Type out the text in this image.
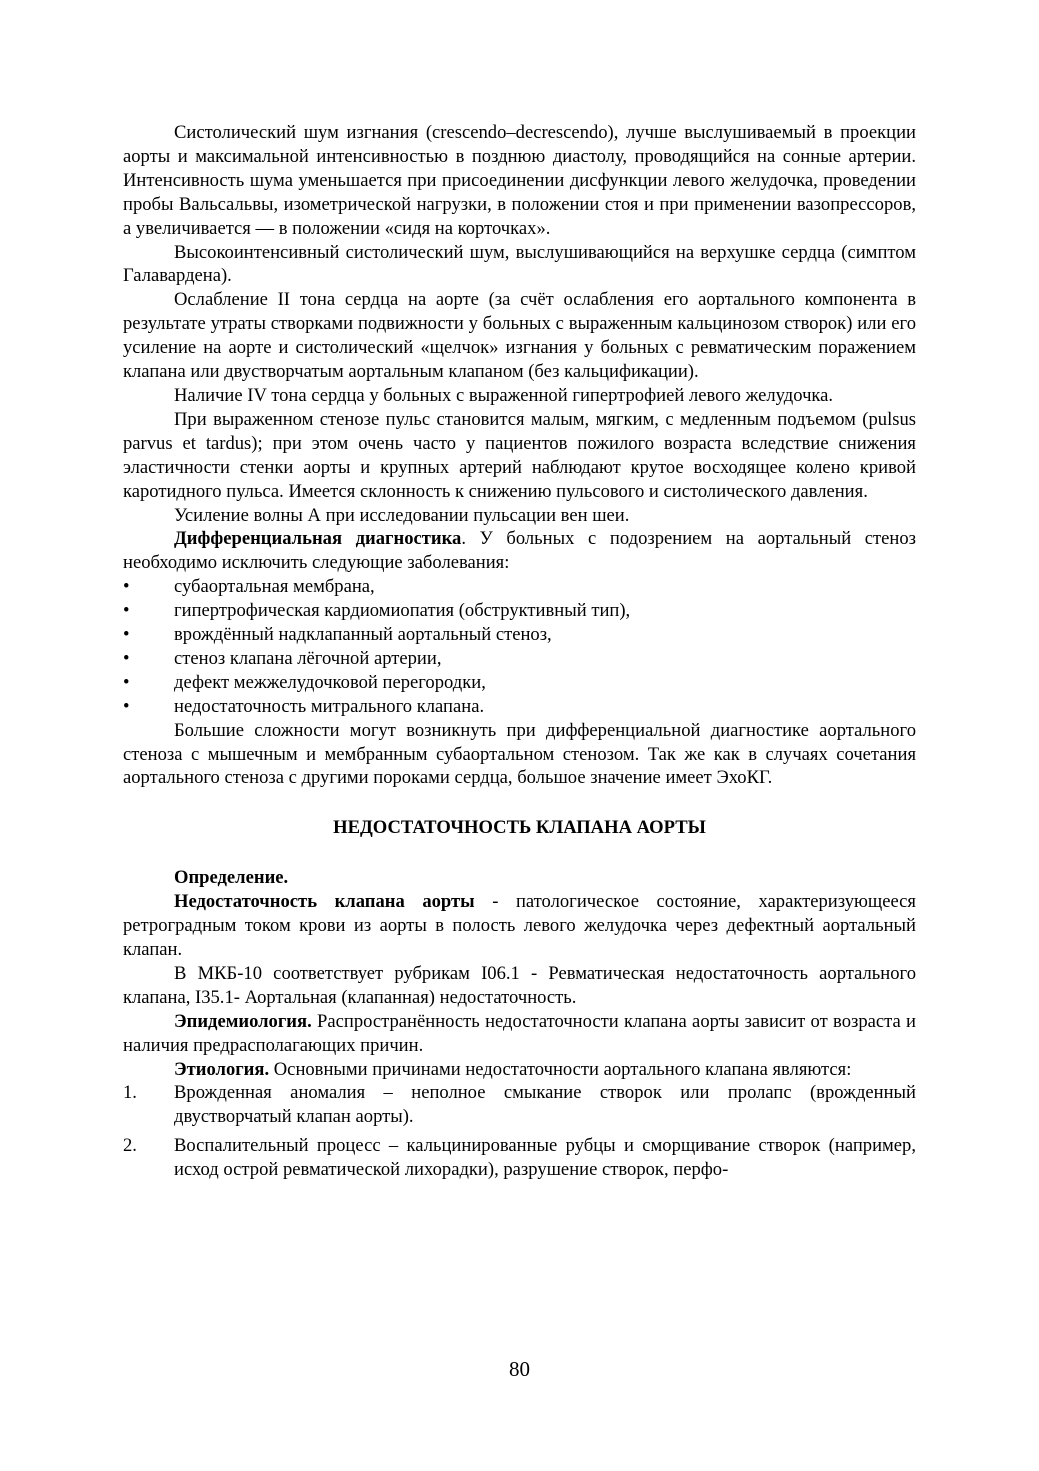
Систолический шум изгнания (crescendo–decrescendo), лучше выслушиваемый в проекции аорты и максимальной интенсивностью в позднюю диастолу, проводящийся на сонные артерии. Интенсивность шума уменьшается при присоединении дисфункции левого желудочка, проведении пробы Вальсальвы, изометрической нагрузки, в положении стоя и при применении вазопрессоров, а увеличивается — в положении «сидя на корточках».

Высокоинтенсивный систолический шум, выслушивающийся на верхушке сердца (симптом Галавардена).

Ослабление II тона сердца на аорте (за счёт ослабления его аортального компонента в результате утраты створками подвижности у больных с выраженным кальцинозом створок) или его усиление на аорте и систолический «щелчок» изгнания у больных с ревматическим поражением клапана или двустворчатым аортальным клапаном (без кальцификации).

Наличие IV тона сердца у больных с выраженной гипертрофией левого желудочка.

При выраженном стенозе пульс становится малым, мягким, с медленным подъемом (pulsus parvus et tardus); при этом очень часто у пациентов пожилого возраста вследствие снижения эластичности стенки аорты и крупных артерий наблюдают крутое восходящее колено кривой каротидного пульса. Имеется склонность к снижению пульсового и систолического давления.

Усиление волны А при исследовании пульсации вен шеи.

Дифференциальная диагностика. У больных с подозрением на аортальный стеноз необходимо исключить следующие заболевания:

• субаортальная мембрана,
• гипертрофическая кардиомиопатия (обструктивный тип),
• врождённый надклапанный аортальный стеноз,
• стеноз клапана лёгочной артерии,
• дефект межжелудочковой перегородки,
• недостаточность митрального клапана.

Большие сложности могут возникнуть при дифференциальной диагностике аортального стеноза с мышечным и мембранным субаортальном стенозом. Так же как в случаях сочетания аортального стеноза с другими пороками сердца, большое значение имеет ЭхоКГ.

НЕДОСТАТОЧНОСТЬ КЛАПАНА АОРТЫ

Определение.

Недостаточность клапана аорты - патологическое состояние, характеризующееся ретроградным током крови из аорты в полость левого желудочка через дефектный аортальный клапан.

В МКБ-10 соответствует рубрикам I06.1 - Ревматическая недостаточность аортального клапана, I35.1- Аортальная (клапанная) недостаточность.

Эпидемиология. Распространённость недостаточности клапана аорты зависит от возраста и наличия предрасполагающих причин.

Этиология. Основными причинами недостаточности аортального клапана являются:

1. Врожденная аномалия – неполное смыкание створок или пролапс (врожденный двустворчатый клапан аорты).
2. Воспалительный процесс – кальцинированные рубцы и сморщивание створок (например, исход острой ревматической лихорадки), разрушение створок, перфо-
80
